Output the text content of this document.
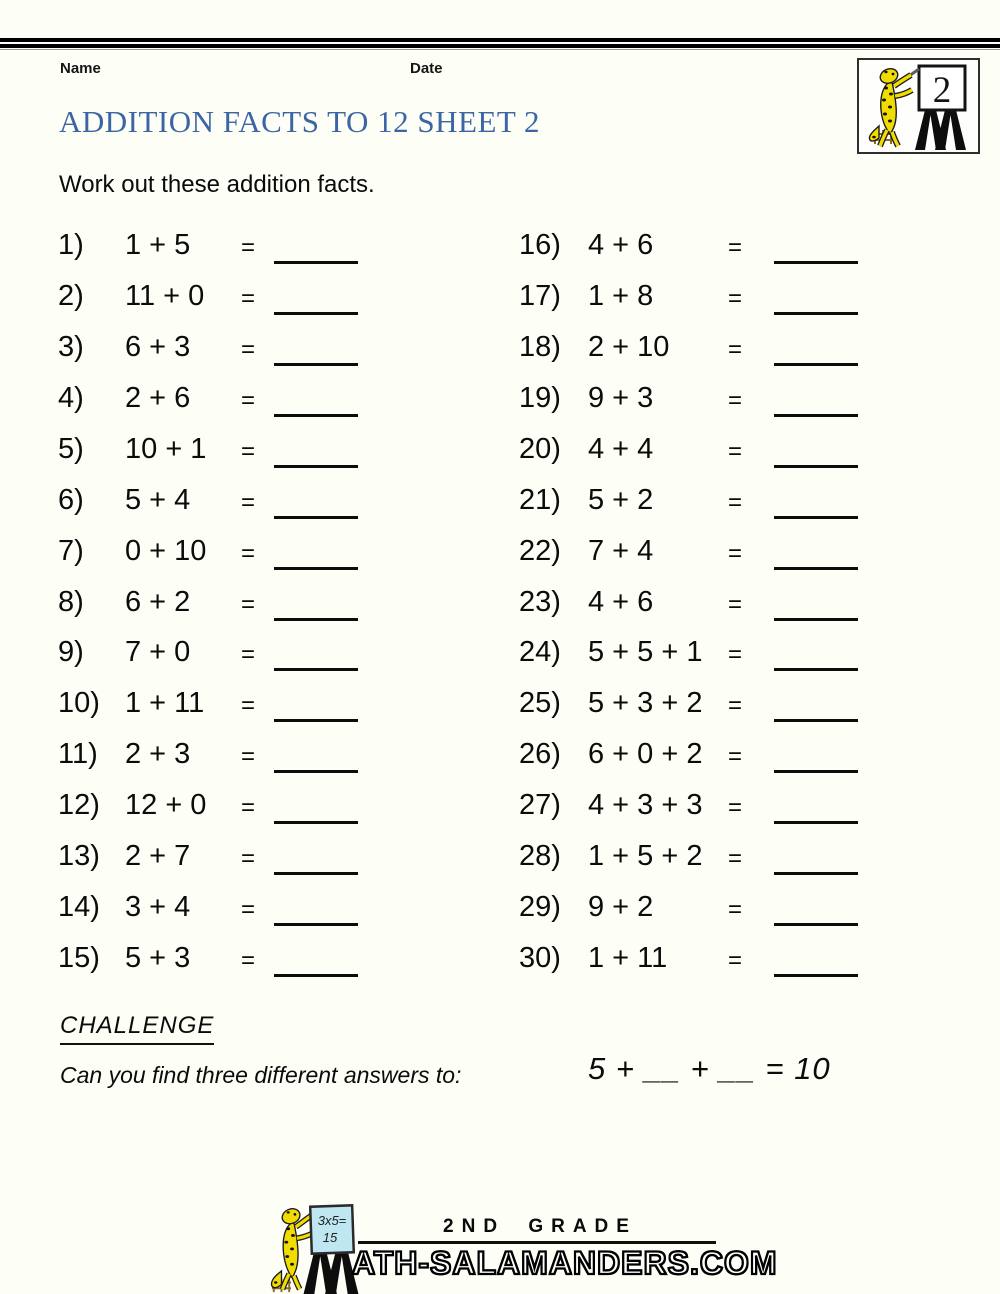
Name	Date
2
ADDITION FACTS TO 12 SHEET 2

Work out these addition facts.

1) 1 + 5 =
2) 11 + 0 =
3) 6 + 3 =
4) 2 + 6 =
5) 10 + 1 =
6) 5 + 4 =
7) 0 + 10 =
8) 6 + 2 =
9) 7 + 0 =
10) 1 + 11 =
11) 2 + 3 =
12) 12 + 0 =
13) 2 + 7 =
14) 3 + 4 =
15) 5 + 3 =
16) 4 + 6	=
17) 1 + 8	=
18) 2 + 10 =
19) 9 + 3	=
20) 4 + 4	=
21) 5 + 2	=
22) 7 + 4	=
23) 4 + 6	=
24) 5 + 5 + 1 =
25) 5 + 3 + 2 =
26) 6 + 0 + 2 =
27) 4 + 3 + 3 =
28) 1 + 5 + 2 =
29) 9 + 2	=
30) 1 + 11	=
CHALLENGE
Can you find three different answers to:	5 + __ + __ = 10
3x5=
15
2ND GRADE
ATH-SALAMANDERS.COM
